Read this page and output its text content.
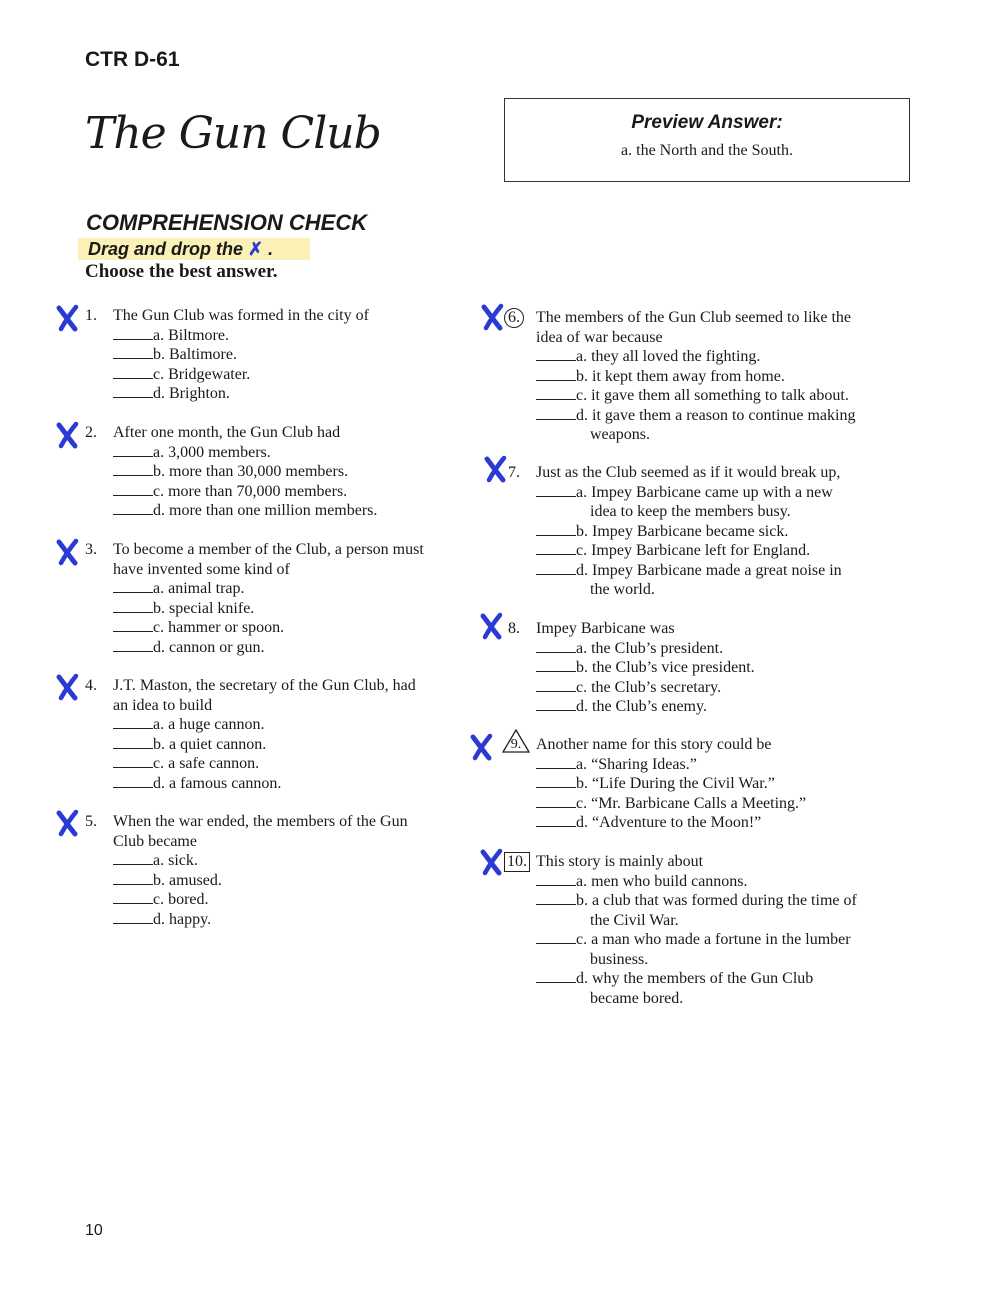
CTR D-61
The Gun Club	Preview Answer:
a. the North and the South.
COMPREHENSION CHECK
Drag and drop the ✗ .
Choose the best answer.
1. The Gun Club was formed in the city of
a. Biltmore.
b. Baltimore.
c. Bridgewater.
d. Brighton.
2. After one month, the Gun Club had
a. 3,000 members.
b. more than 30,000 members.
c. more than 70,000 members.
d. more than one million members.
3. To become a member of the Club, a person must
have invented some kind of
a. animal trap.
b. special knife.
c. hammer or spoon.
d. cannon or gun.
4. J.T. Maston, the secretary of the Gun Club, had
an idea to build
a. a huge cannon.
b. a quiet cannon.
c. a safe cannon.
d. a famous cannon.
5. When the war ended, the members of the Gun
Club became
a. sick.
b. amused.
c. bored.
d. happy.
6. The members of the Gun Club seemed to like the
idea of war because
a. they all loved the fighting.
b. it kept them away from home.
c. it gave them all something to talk about.
d. it gave them a reason to continue making
weapons.
7. Just as the Club seemed as if it would break up,
a. Impey Barbicane came up with a new
idea to keep the members busy.
b. Impey Barbicane became sick.
c. Impey Barbicane left for England.
d. Impey Barbicane made a great noise in
the world.
8. Impey Barbicane was
a. the Club’s president.
b. the Club’s vice president.
c. the Club’s secretary.
d. the Club’s enemy.
9. Another name for this story could be
a. “Sharing Ideas.”
b. “Life During the Civil War.”
c. “Mr. Barbicane Calls a Meeting.”
d. “Adventure to the Moon!”
10. This story is mainly about
a. men who build cannons.
b. a club that was formed during the time of
the Civil War.
c. a man who made a fortune in the lumber
business.
d. why the members of the Gun Club
became bored.
10
